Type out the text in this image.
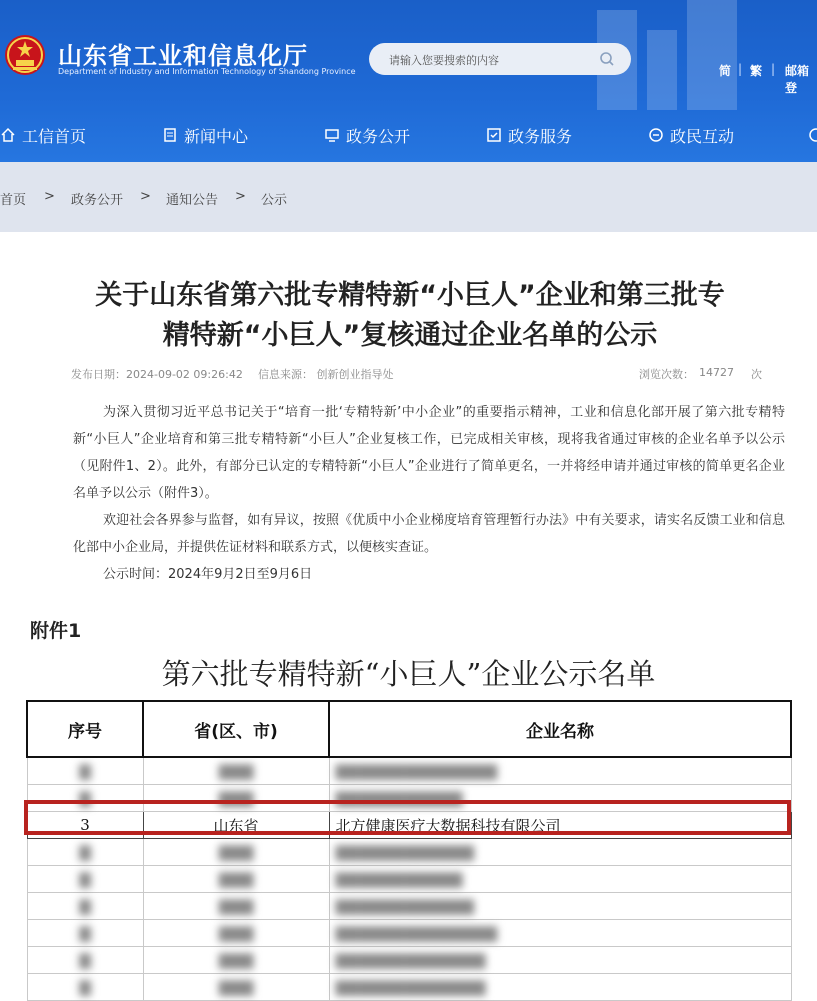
山东省工业和信息化厅
Department of Industry and Information Technology of Shandong Province
请输入您要搜索的内容	简 | 繁 | 邮箱登
工信首页	新闻中心	政务公开	政务服务	政民互动
首页 > 政务公开 > 通知公告 > 公示
关于山东省第六批专精特新“小巨人”企业和第三批专
精特新“小巨人”复核通过企业名单的公示
发布日期：2024-09-02 09:26:42 信息来源： 创新创业指导处	浏览次数： 14727 次
为深入贯彻习近平总书记关于“培育一批‘专精特新’中小企业”的重要指示精神，工业和信息化部开展了第六批专精特新“小巨人”企业培育和第三批专精特新“小巨人”企业复核工作，已完成相关审核，现将我省通过审核的企业名单予以公示（见附件1、2）。此外，有部分已认定的专精特新“小巨人”企业进行了简单更名，一并将经申请并通过审核的简单更名企业名单予以公示（附件3）。
欢迎社会各界参与监督，如有异议，按照《优质中小企业梯度培育管理暂行办法》中有关要求，请实名反馈工业和信息化部中小企业局，并提供佐证材料和联系方式，以便核实查证。
公示时间：2024年9月2日至9月6日
附件1
第六批专精特新“小巨人”企业公示名单
序号	省(区、市)	企业名称
▇	▇▇▇	▇▇▇▇▇▇▇▇▇▇▇▇▇▇
▇	▇▇▇	▇▇▇▇▇▇▇▇▇▇▇
3	山东省	北方健康医疗大数据科技有限公司
▇	▇▇▇	▇▇▇▇▇▇▇▇▇▇▇▇
▇	▇▇▇	▇▇▇▇▇▇▇▇▇▇▇
▇	▇▇▇	▇▇▇▇▇▇▇▇▇▇▇▇
▇	▇▇▇	▇▇▇▇▇▇▇▇▇▇▇▇▇▇
▇	▇▇▇	▇▇▇▇▇▇▇▇▇▇▇▇▇
▇	▇▇▇	▇▇▇▇▇▇▇▇▇▇▇▇▇
